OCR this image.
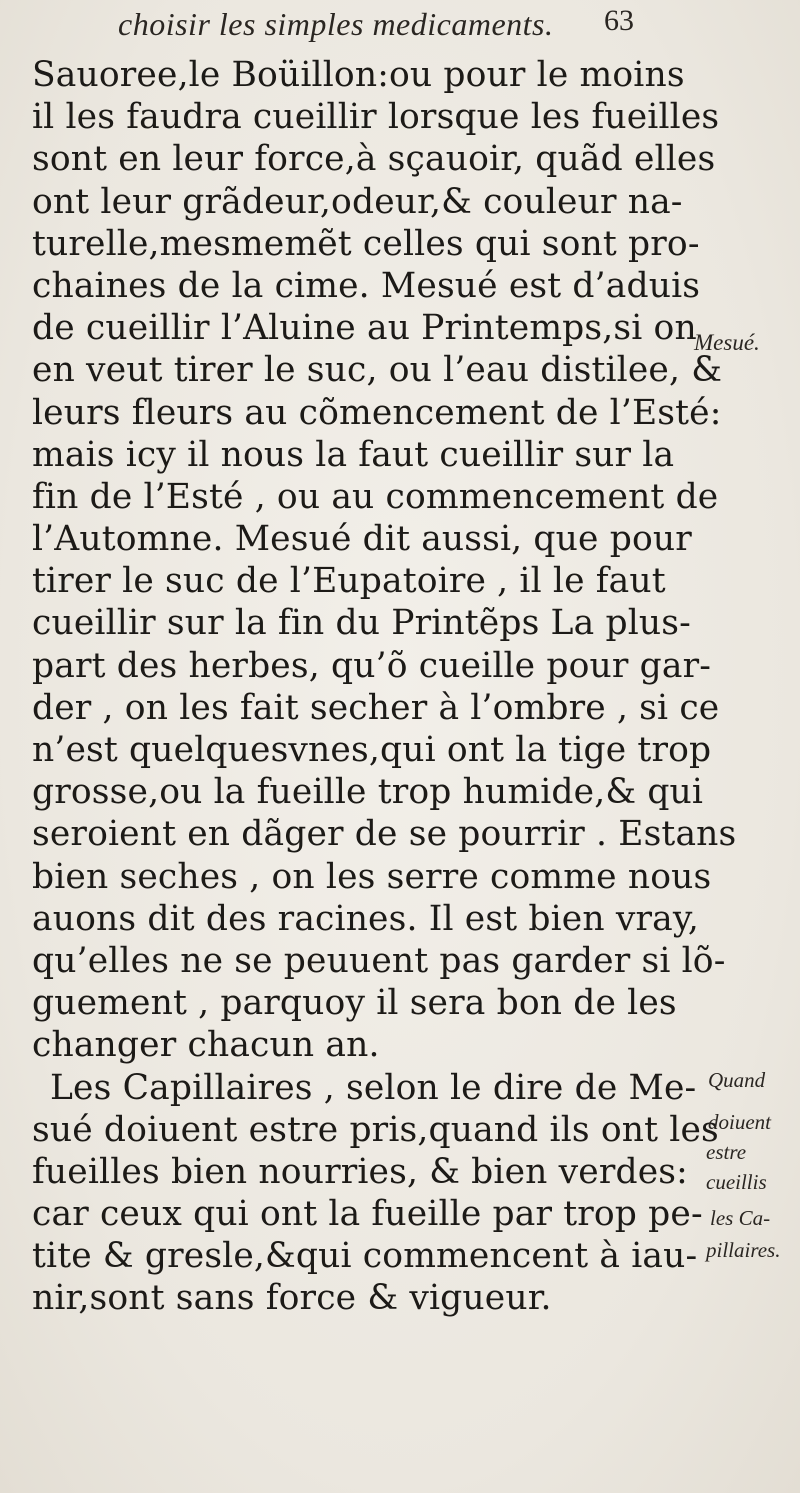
choisir les simples medicaments. 63
Sauoree,le Boüillon:ou pour le moins
il les faudra cueillir lorsque les fueilles
sont en leur force,à sçauoir, quãd elles
ont leur grãdeur,odeur,& couleur na-
turelle,mesmemẽt celles qui sont pro-
chaines de la cime. Mesué est d’aduis
de cueillir l’Aluine au Printemps,si on
en veut tirer le suc, ou l’eau distilee, &
leurs fleurs au cõmencement de l’Esté:
mais icy il nous la faut cueillir sur la
fin de l’Esté , ou au commencement de
l’Automne. Mesué dit aussi, que pour
tirer le suc de l’Eupatoire , il le faut
cueillir sur la fin du Printẽps La plus-
part des herbes, qu’õ cueille pour gar-
der , on les fait secher à l’ombre , si ce
n’est quelquesvnes,qui ont la tige trop
grosse,ou la fueille trop humide,& qui
seroient en dãger de se pourrir . Estans
bien seches , on les serre comme nous
auons dit des racines. Il est bien vray,
qu’elles ne se peuuent pas garder si lõ-
guement , parquoy il sera bon de les
changer chacun an.
Les Capillaires , selon le dire de Me-
sué doiuent estre pris,quand ils ont les
fueilles bien nourries, & bien verdes:
car ceux qui ont la fueille par trop pe-
tite & gresle,&qui commencent à iau-
nir,sont sans force & vigueur.
Mesué.
Quand
doiuent
estre
cueillis
les Ca-
pillaires.
